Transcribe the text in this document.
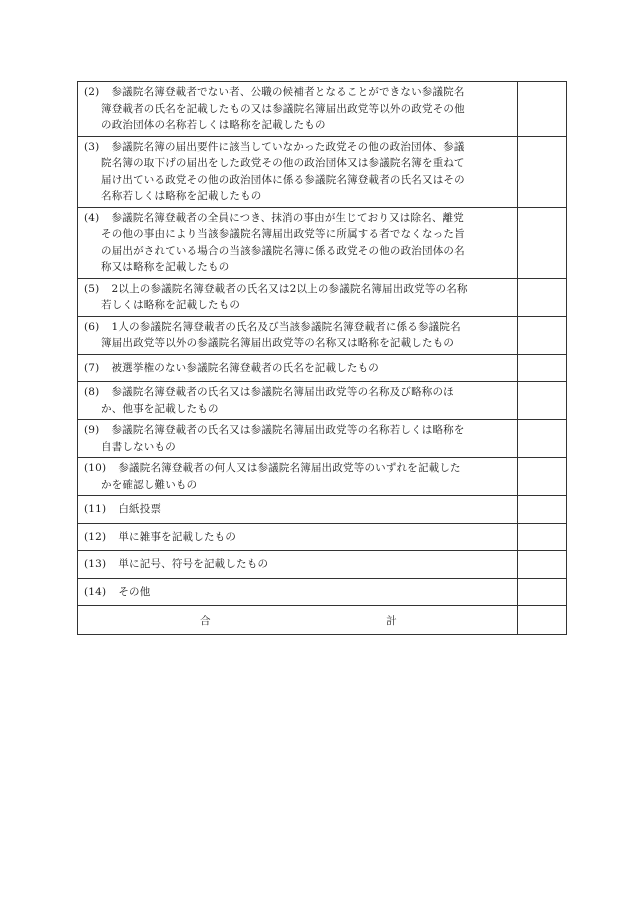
(2) 参議院名簿登載者でない者、公職の候補者となることができない参議院名
簿登載者の氏名を記載したもの又は参議院名簿届出政党等以外の政党その他
の政治団体の名称若しくは略称を記載したもの	

(3) 参議院名簿の届出要件に該当していなかった政党その他の政治団体、参議
院名簿の取下げの届出をした政党その他の政治団体又は参議院名簿を重ねて
届け出ている政党その他の政治団体に係る参議院名簿登載者の氏名又はその
名称若しくは略称を記載したもの	

(4) 参議院名簿登載者の全員につき、抹消の事由が生じており又は除名、離党
その他の事由により当該参議院名簿届出政党等に所属する者でなくなった旨
の届出がされている場合の当該参議院名簿に係る政党その他の政治団体の名
称又は略称を記載したもの	

(5) 2以上の参議院名簿登載者の氏名又は2以上の参議院名簿届出政党等の名称
若しくは略称を記載したもの	

(6) 1人の参議院名簿登載者の氏名及び当該参議院名簿登載者に係る参議院名
簿届出政党等以外の参議院名簿届出政党等の名称又は略称を記載したもの	

(7) 被選挙権のない参議院名簿登載者の氏名を記載したもの	

(8) 参議院名簿登載者の氏名又は参議院名簿届出政党等の名称及び略称のほ
か、他事を記載したもの	

(9) 参議院名簿登載者の氏名又は参議院名簿届出政党等の名称若しくは略称を
自書しないもの	

(10) 参議院名簿登載者の何人又は参議院名簿届出政党等のいずれを記載した
かを確認し難いもの	

(11) 白紙投票	

(12) 単に雑事を記載したもの	

(13) 単に記号、符号を記載したもの	

(14) その他	

合 計	
